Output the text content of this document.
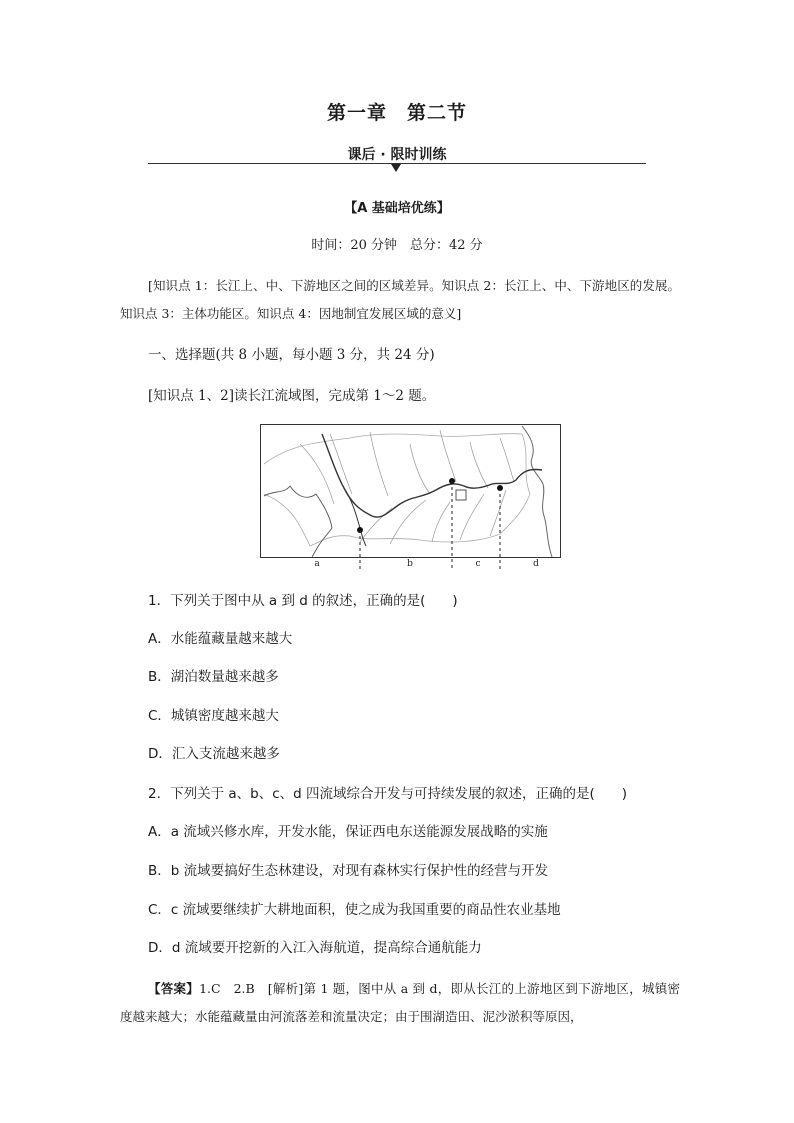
第一章　第二节
课后 · 限时训练
【A 基础培优练】
时间：20 分钟　总分：42 分
[知识点 1：长江上、中、下游地区之间的区域差异。知识点 2：长江上、中、下游地区的发展。知识点 3：主体功能区。知识点 4：因地制宜发展区域的意义]
一、选择题(共 8 小题，每小题 3 分，共 24 分)
[知识点 1、2]读长江流域图，完成第 1～2 题。
a	b	c	d
1．下列关于图中从 a 到 d 的叙述，正确的是(　　)
A．水能蕴藏量越来越大
B．湖泊数量越来越多
C．城镇密度越来越大
D．汇入支流越来越多
2．下列关于 a、b、c、d 四流域综合开发与可持续发展的叙述，正确的是(　　)
A．a 流域兴修水库，开发水能，保证西电东送能源发展战略的实施
B．b 流域要搞好生态林建设，对现有森林实行保护性的经营与开发
C．c 流域要继续扩大耕地面积，使之成为我国重要的商品性农业基地
D．d 流域要开挖新的入江入海航道，提高综合通航能力
【答案】1.C　2.B　[解析]第 1 题，图中从 a 到 d，即从长江的上游地区到下游地区，城镇密度越来越大；水能蕴藏量由河流落差和流量决定；由于围湖造田、泥沙淤积等原因，
